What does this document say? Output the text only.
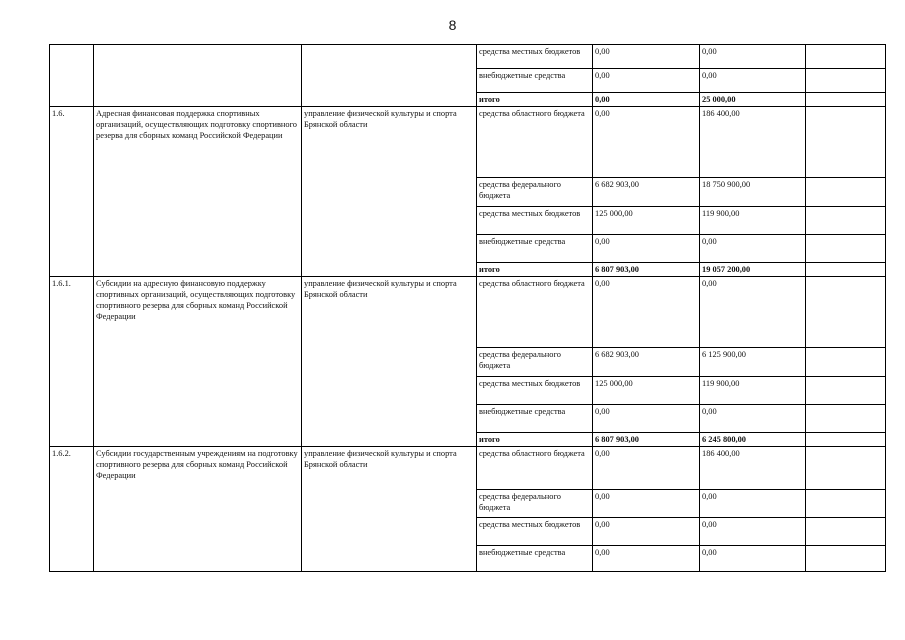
8
			средства местных бюджетов	0,00	0,00	
			внебюджетные средства	0,00	0,00	
			итого	0,00	25 000,00	
1.6.	Адресная финансовая поддержка спортивных организаций, осуществляющих подготовку спортивного резерва для сборных команд Российской Федерации	управление физической культуры и спорта Брянской области	средства областного бюджета	0,00	186 400,00	
			средства федерального бюджета	6 682 903,00	18 750 900,00	
			средства местных бюджетов	125 000,00	119 900,00	
			внебюджетные средства	0,00	0,00	
			итого	6 807 903,00	19 057 200,00	
1.6.1.	Субсидии на адресную финансовую поддержку спортивных организаций, осуществляющих подготовку спортивного резерва для сборных команд Российской Федерации	управление физической культуры и спорта Брянской области	средства областного бюджета	0,00	0,00	
			средства федерального бюджета	6 682 903,00	6 125 900,00	
			средства местных бюджетов	125 000,00	119 900,00	
			внебюджетные средства	0,00	0,00	
			итого	6 807 903,00	6 245 800,00	
1.6.2.	Субсидии государственным учреждениям на подготовку спортивного резерва для сборных команд Российской Федерации	управление физической культуры и спорта Брянской области	средства областного бюджета	0,00	186 400,00	
			средства федерального бюджета	0,00	0,00	
			средства местных бюджетов	0,00	0,00	
			внебюджетные средства	0,00	0,00	
